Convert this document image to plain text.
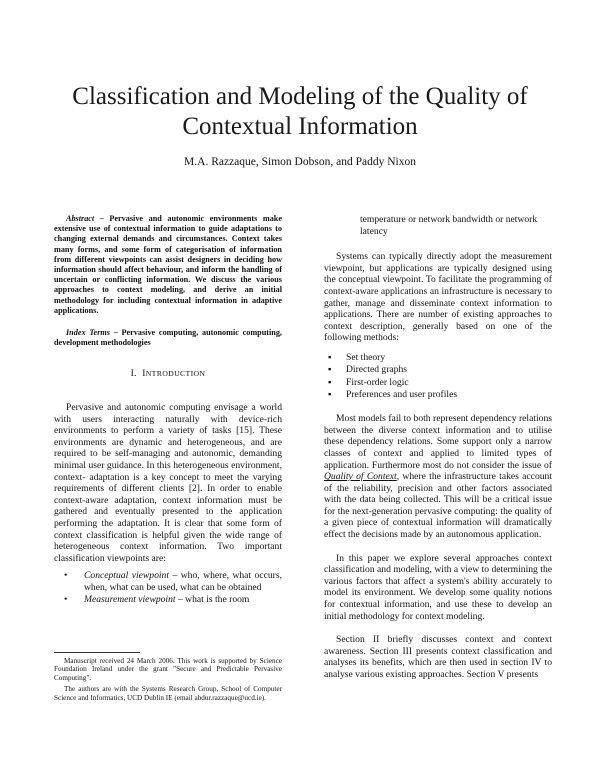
Classification and Modeling of the Quality of Contextual Information
M.A. Razzaque, Simon Dobson, and Paddy Nixon

Abstract – Pervasive and autonomic environments make extensive use of contextual information to guide adaptations to changing external demands and circumstances. Context takes many forms, and some form of categorisation of information from different viewpoints can assist designers in deciding how information should affect behaviour, and inform the handling of uncertain or conflicting information. We discuss the various approaches to context modeling, and derive an initial methodology for including contextual information in adaptive applications.

Index Terms – Pervasive computing, autonomic computing, development methodologies

I. INTRODUCTION

Pervasive and autonomic computing envisage a world with users interacting naturally with device-rich environments to perform a variety of tasks [15]. These environments are dynamic and heterogeneous, and are required to be self-managing and autonomic, demanding minimal user guidance. In this heterogeneous environment, context- adaptation is a key concept to meet the varying requirements of different clients [2]. In order to enable context-aware adaptation, context information must be gathered and eventually presented to the application performing the adaptation. It is clear that some form of context classification is helpful given the wide range of heterogeneous context information. Two important classification viewpoints are:

• Conceptual viewpoint – who, where, what occurs, when, what can be used, what can be obtained
• Measurement viewpoint – what is the room

temperature or network bandwidth or network latency

Systems can typically directly adopt the measurement viewpoint, but applications are typically designed using the conceptual viewpoint. To facilitate the programming of context-aware applications an infrastructure is necessary to gather, manage and disseminate context information to applications. There are number of existing approaches to context description, generally based on one of the following methods:

▪ Set theory
▪ Directed graphs
▪ First-order logic
▪ Preferences and user profiles

Most models fail to both represent dependency relations between the diverse context information and to utilise these dependency relations. Some support only a narrow classes of context and applied to limited types of application. Furthermore most do not consider the issue of Quality of Context, where the infrastructure takes account of the reliability, precision and other factors associated with the data being collected. This will be a critical issue for the next-generation pervasive computing: the quality of a given piece of contextual information will dramatically effect the decisions made by an autonomous application.

In this paper we explore several approaches context classification and modeling, with a view to determining the various factors that affect a system's ability accurately to model its environment. We develop some quality notions for contextual information, and use these to develop an initial methodology for context modeling.

Section II briefly discusses context and context awareness. Section III presents context classification and analyses its benefits, which are then used in section IV to analyse various existing approaches. Section V presents

Manuscript received 24 March 2006. This work is supported by Science Foundation Ireland under the grant "Secure and Predictable Pervasive Computing".

The authors are with the Systems Research Group, School of Computer Science and Informatics, UCD Dublin IE (email abdur.razzaque@ucd.ie).
